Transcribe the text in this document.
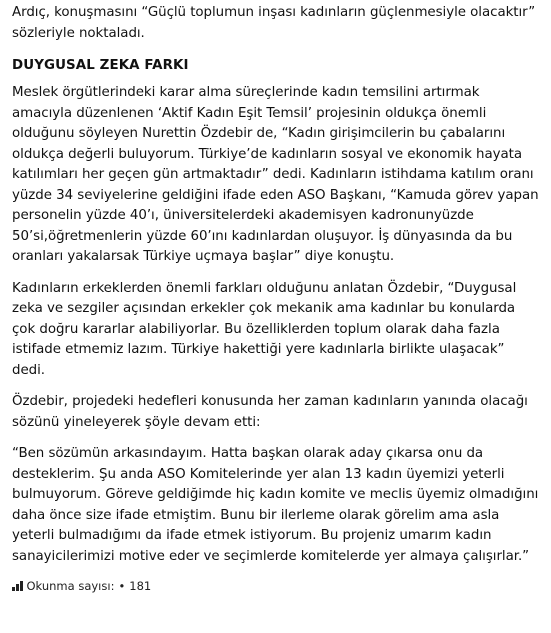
Ardıç, konuşmasını “Güçlü toplumun inşası kadınların güçlenmesiyle olacaktır” sözleriyle noktaladı.

DUYGUSAL ZEKA FARKI

Meslek örgütlerindeki karar alma süreçlerinde kadın temsilini artırmak amacıyla düzenlenen ‘Aktif Kadın Eşit Temsil’ projesinin oldukça önemli olduğunu söyleyen Nurettin Özdebir de, “Kadın girişimcilerin bu çabalarını oldukça değerli buluyorum. Türkiye’de kadınların sosyal ve ekonomik hayata katılımları her geçen gün artmaktadır” dedi. Kadınların istihdama katılım oranı yüzde 34 seviyelerine geldiğini ifade eden ASO Başkanı, “Kamuda görev yapan personelin yüzde 40’ı, üniversitelerdeki akademisyen kadronunyüzde 50’si,öğretmenlerin yüzde 60’ını kadınlardan oluşuyor. İş dünyasında da bu oranları yakalarsak Türkiye uçmaya başlar” diye konuştu.

Kadınların erkeklerden önemli farkları olduğunu anlatan Özdebir, “Duygusal zeka ve sezgiler açısından erkekler çok mekanik ama kadınlar bu konularda çok doğru kararlar alabiliyorlar. Bu özelliklerden toplum olarak daha fazla istifade etmemiz lazım. Türkiye hakettiği yere kadınlarla birlikte ulaşacak” dedi.

Özdebir, projedeki hedefleri konusunda her zaman kadınların yanında olacağı sözünü yineleyerek şöyle devam etti:

“Ben sözümün arkasındayım. Hatta başkan olarak aday çıkarsa onu da desteklerim. Şu anda ASO Komitelerinde yer alan 13 kadın üyemizi yeterli bulmuyorum. Göreve geldiğimde hiç kadın komite ve meclis üyemiz olmadığını daha önce size ifade etmiştim. Bunu bir ilerleme olarak görelim ama asla yeterli bulmadığımı da ifade etmek istiyorum. Bu projeniz umarım kadın sanayicilerimizi motive eder ve seçimlerde komitelerde yer almaya çalışırlar.”

Okunma sayısı: • 181
